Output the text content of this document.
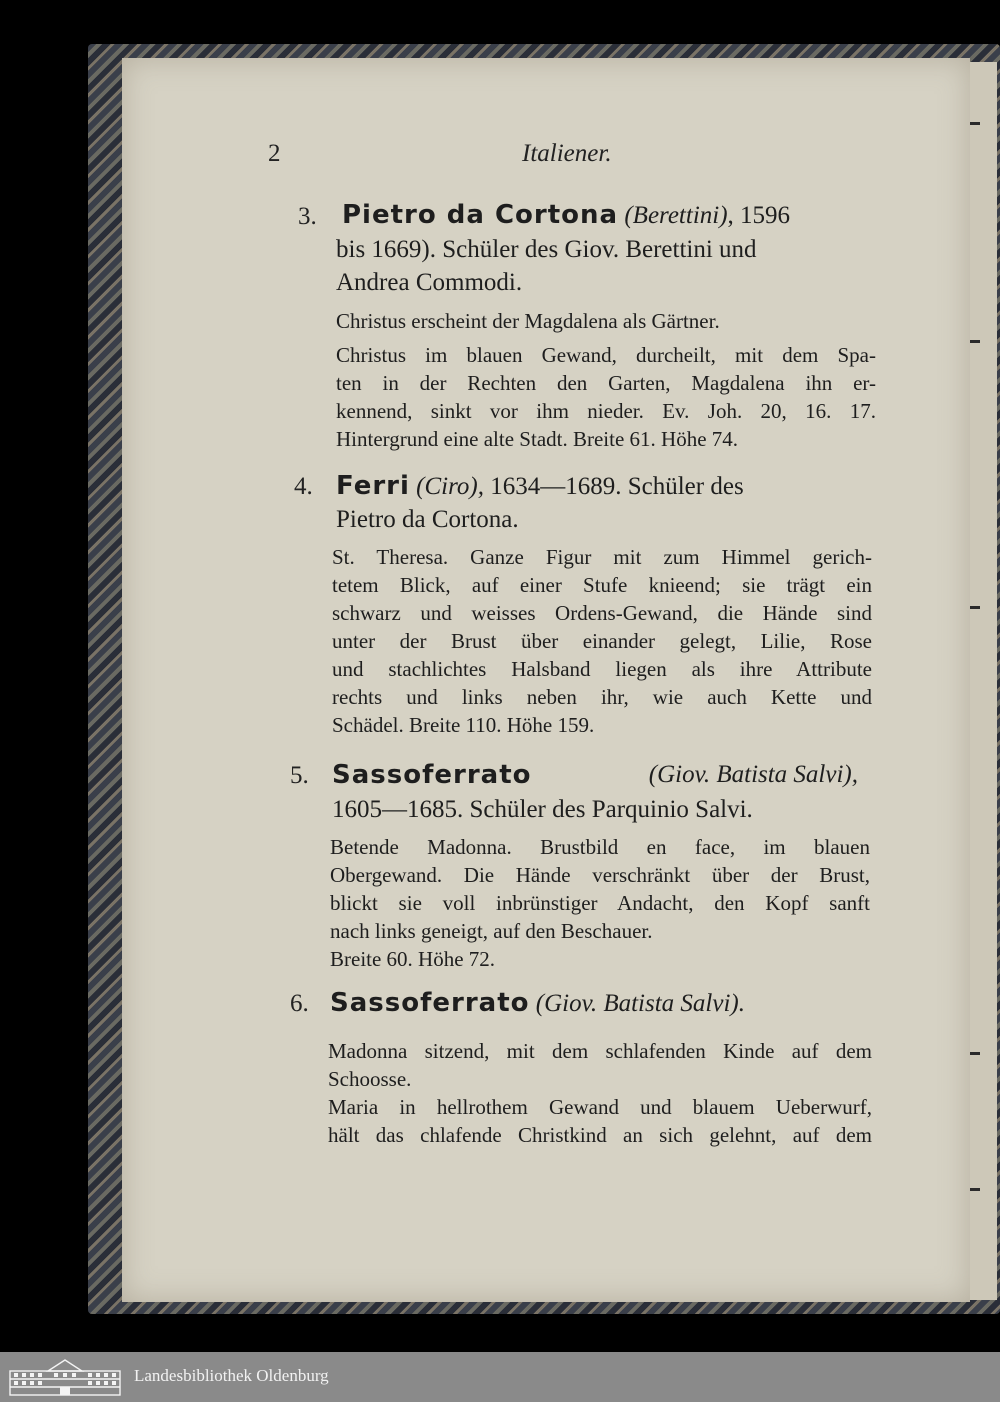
2	Italiener.
3. Pietro da Cortona (Berettini), 1596
bis 1669). Schüler des Giov. Berettini und
Andrea Commodi.
Christus erscheint der Magdalena als Gärtner.
Christus im blauen Gewand, durcheilt, mit dem Spa-
ten in der Rechten den Garten, Magdalena ihn er-
kennend, sinkt vor ihm nieder. Ev. Joh. 20, 16. 17.
Hintergrund eine alte Stadt. Breite 61. Höhe 74.
4. Ferri (Ciro), 1634—1689. Schüler des
Pietro da Cortona.
St. Theresa. Ganze Figur mit zum Himmel gerich-
tetem Blick, auf einer Stufe knieend; sie trägt ein
schwarz und weisses Ordens-Gewand, die Hände sind
unter der Brust über einander gelegt, Lilie, Rose
und stachlichtes Halsband liegen als ihre Attribute
rechts und links neben ihr, wie auch Kette und
Schädel. Breite 110. Höhe 159.
5. Sassoferrato	(Giov. Batista Salvi),
1605—1685. Schüler des Parquinio Salvi.
Betende Madonna. Brustbild en face, im blauen
Obergewand. Die Hände verschränkt über der Brust,
blickt sie voll inbrünstiger Andacht, den Kopf sanft
nach links geneigt, auf den Beschauer.
Breite 60. Höhe 72.
6. Sassoferrato (Giov. Batista Salvi).
Madonna sitzend, mit dem schlafenden Kinde auf dem
Schoosse.
Maria in hellrothem Gewand und blauem Ueberwurf,
hält das chlafende Christkind an sich gelehnt, auf dem
Landesbibliothek Oldenburg
